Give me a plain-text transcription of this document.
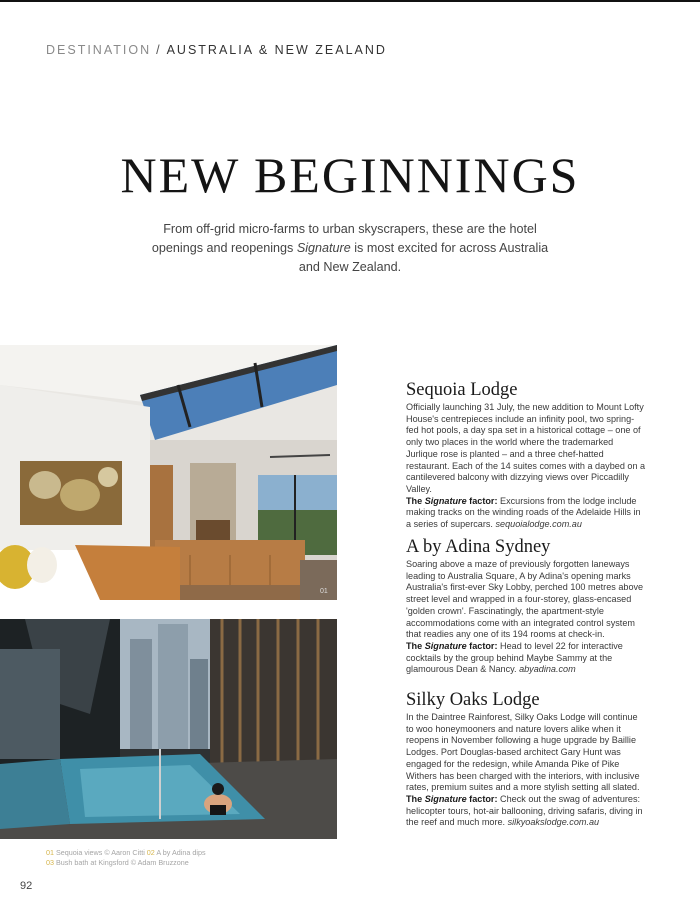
DESTINATION / AUSTRALIA & NEW ZEALAND
NEW BEGINNINGS
From off-grid micro-farms to urban skyscrapers, these are the hotel openings and reopenings Signature is most excited for across Australia and New Zealand.
01
01 Sequoia views © Aaron Citti 02 A by Adina dips
03 Bush bath at Kingsford © Adam Bruzzone
92
Sequoia Lodge

Officially launching 31 July, the new addition to Mount Lofty House's centrepieces include an infinity pool, two spring-fed hot pools, a day spa set in a historical cottage – one of only two places in the world where the trademarked Jurlique rose is planted – and a three chef-hatted restaurant. Each of the 14 suites comes with a daybed on a cantilevered balcony with dizzying views over Piccadilly Valley.

The Signature factor: Excursions from the lodge include making tracks on the winding roads of the Adelaide Hills in a series of supercars. sequoialodge.com.au

A by Adina Sydney

Soaring above a maze of previously forgotten laneways leading to Australia Square, A by Adina's opening marks Australia's first-ever Sky Lobby, perched 100 metres above street level and wrapped in a four-storey, glass-encased 'golden crown'. Fascinatingly, the apartment-style accommodations come with an integrated control system that readies any one of its 194 rooms at check-in.

The Signature factor: Head to level 22 for interactive cocktails by the group behind Maybe Sammy at the glamourous Dean & Nancy. abyadina.com

Silky Oaks Lodge

In the Daintree Rainforest, Silky Oaks Lodge will continue to woo honeymooners and nature lovers alike when it reopens in November following a huge upgrade by Baillie Lodges. Port Douglas-based architect Gary Hunt was engaged for the redesign, while Amanda Pike of Pike Withers has been charged with the interiors, with inclusive rates, premium suites and a more stylish setting all slated.

The Signature factor: Check out the swag of adventures: helicopter tours, hot-air ballooning, driving safaris, diving in the reef and much more. silkyoakslodge.com.au
